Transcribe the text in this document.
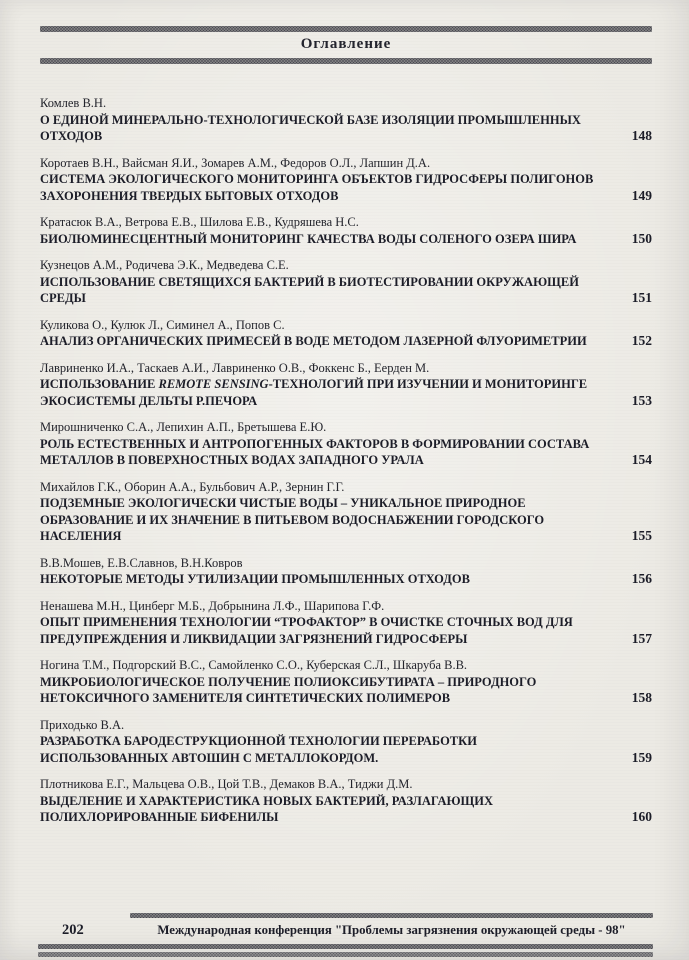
Оглавление
Комлев В.Н.
О ЕДИНОЙ МИНЕРАЛЬНО-ТЕХНОЛОГИЧЕСКОЙ БАЗЕ ИЗОЛЯЦИИ ПРОМЫШЛЕННЫХ ОТХОДОВ	148
Коротаев В.Н., Вайсман Я.И., Зомарев А.М., Федоров О.Л., Лапшин Д.А.
СИСТЕМА ЭКОЛОГИЧЕСКОГО МОНИТОРИНГА ОБЪЕКТОВ ГИДРОСФЕРЫ ПОЛИГОНОВ ЗАХОРОНЕНИЯ ТВЕРДЫХ БЫТОВЫХ ОТХОДОВ	149
Кратасюк В.А., Ветрова Е.В., Шилова Е.В., Кудряшева Н.С.
БИОЛЮМИНЕСЦЕНТНЫЙ МОНИТОРИНГ КАЧЕСТВА ВОДЫ СОЛЕНОГО ОЗЕРА ШИРА	150
Кузнецов А.М., Родичева Э.К., Медведева С.Е.
ИСПОЛЬЗОВАНИЕ СВЕТЯЩИХСЯ БАКТЕРИЙ В БИОТЕСТИРОВАНИИ ОКРУЖАЮЩЕЙ СРЕДЫ	151
Куликова О., Кулюк Л., Симинел А., Попов С.
АНАЛИЗ ОРГАНИЧЕСКИХ ПРИМЕСЕЙ В ВОДЕ МЕТОДОМ ЛАЗЕРНОЙ ФЛУОРИМЕТРИИ	152
Лавриненко И.А., Таскаев А.И., Лавриненко О.В., Фоккенс Б., Еерден М.
ИСПОЛЬЗОВАНИЕ REMOTE SENSING-ТЕХНОЛОГИЙ ПРИ ИЗУЧЕНИИ И МОНИТОРИНГЕ ЭКОСИСТЕМЫ ДЕЛЬТЫ Р.ПЕЧОРА	153
Мирошниченко С.А., Лепихин А.П., Бретышева Е.Ю.
РОЛЬ ЕСТЕСТВЕННЫХ И АНТРОПОГЕННЫХ ФАКТОРОВ В ФОРМИРОВАНИИ СОСТАВА МЕТАЛЛОВ В ПОВЕРХНОСТНЫХ ВОДАХ ЗАПАДНОГО УРАЛА	154
Михайлов Г.К., Оборин А.А., Бульбович А.Р., Зернин Г.Г.
ПОДЗЕМНЫЕ ЭКОЛОГИЧЕСКИ ЧИСТЫЕ ВОДЫ – УНИКАЛЬНОЕ ПРИРОДНОЕ ОБРАЗОВАНИЕ И ИХ ЗНАЧЕНИЕ В ПИТЬЕВОМ ВОДОСНАБЖЕНИИ ГОРОДСКОГО НАСЕЛЕНИЯ	155
В.В.Мошев, Е.В.Славнов, В.Н.Ковров
НЕКОТОРЫЕ МЕТОДЫ УТИЛИЗАЦИИ ПРОМЫШЛЕННЫХ ОТХОДОВ	156
Ненашева М.Н., Цинберг М.Б., Добрынина Л.Ф., Шарипова Г.Ф.
ОПЫТ ПРИМЕНЕНИЯ ТЕХНОЛОГИИ “ТРОФАКТОР” В ОЧИСТКЕ СТОЧНЫХ ВОД ДЛЯ ПРЕДУПРЕЖДЕНИЯ И ЛИКВИДАЦИИ ЗАГРЯЗНЕНИЙ ГИДРОСФЕРЫ	157
Ногина Т.М., Подгорский В.С., Самойленко С.О., Куберская С.Л., Шкаруба В.В.
МИКРОБИОЛОГИЧЕСКОЕ ПОЛУЧЕНИЕ ПОЛИОКСИБУТИРАТА – ПРИРОДНОГО НЕТОКСИЧНОГО ЗАМЕНИТЕЛЯ СИНТЕТИЧЕСКИХ ПОЛИМЕРОВ	158
Приходько В.А.
РАЗРАБОТКА БАРОДЕСТРУКЦИОННОЙ ТЕХНОЛОГИИ ПЕРЕРАБОТКИ ИСПОЛЬЗОВАННЫХ АВТОШИН С МЕТАЛЛОКОРДОМ.	159
Плотникова Е.Г., Мальцева О.В., Цой Т.В., Демаков В.А., Тиджи Д.М.
ВЫДЕЛЕНИЕ И ХАРАКТЕРИСТИКА НОВЫХ БАКТЕРИЙ, РАЗЛАГАЮЩИХ ПОЛИХЛОРИРОВАННЫЕ БИФЕНИЛЫ	160
202	Международная конференция "Проблемы загрязнения окружающей среды - 98"
